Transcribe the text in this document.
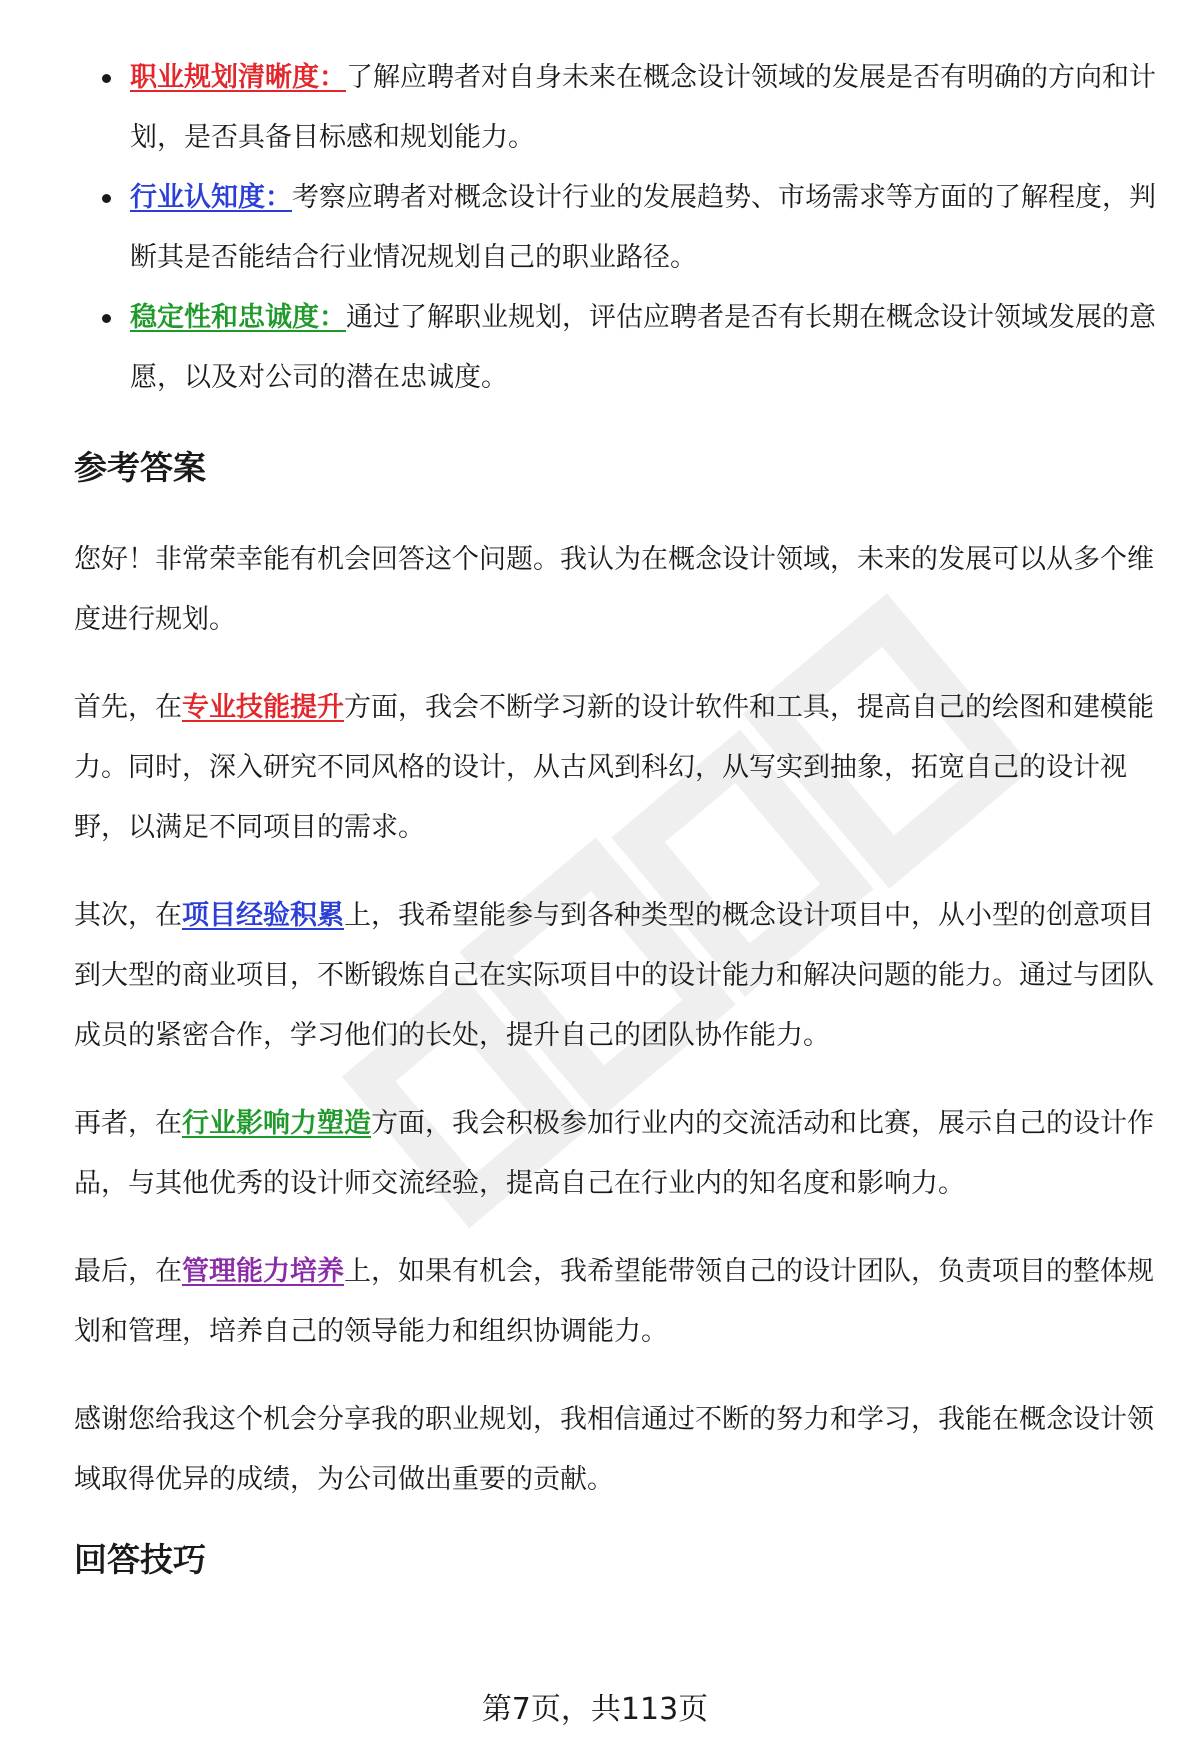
职业规划清晰度：了解应聘者对自身未来在概念设计领域的发展是否有明确的方向和计划，是否具备目标感和规划能力。
行业认知度：考察应聘者对概念设计行业的发展趋势、市场需求等方面的了解程度，判断其是否能结合行业情况规划自己的职业路径。
稳定性和忠诚度：通过了解职业规划，评估应聘者是否有长期在概念设计领域发展的意愿，以及对公司的潜在忠诚度。
参考答案

您好！非常荣幸能有机会回答这个问题。我认为在概念设计领域，未来的发展可以从多个维度进行规划。

首先，在专业技能提升方面，我会不断学习新的设计软件和工具，提高自己的绘图和建模能力。同时，深入研究不同风格的设计，从古风到科幻，从写实到抽象，拓宽自己的设计视野，以满足不同项目的需求。

其次，在项目经验积累上，我希望能参与到各种类型的概念设计项目中，从小型的创意项目到大型的商业项目，不断锻炼自己在实际项目中的设计能力和解决问题的能力。通过与团队成员的紧密合作，学习他们的长处，提升自己的团队协作能力。

再者，在行业影响力塑造方面，我会积极参加行业内的交流活动和比赛，展示自己的设计作品，与其他优秀的设计师交流经验，提高自己在行业内的知名度和影响力。

最后，在管理能力培养上，如果有机会，我希望能带领自己的设计团队，负责项目的整体规划和管理，培养自己的领导能力和组织协调能力。

感谢您给我这个机会分享我的职业规划，我相信通过不断的努力和学习，我能在概念设计领域取得优异的成绩，为公司做出重要的贡献。

回答技巧
第7页，共113页
